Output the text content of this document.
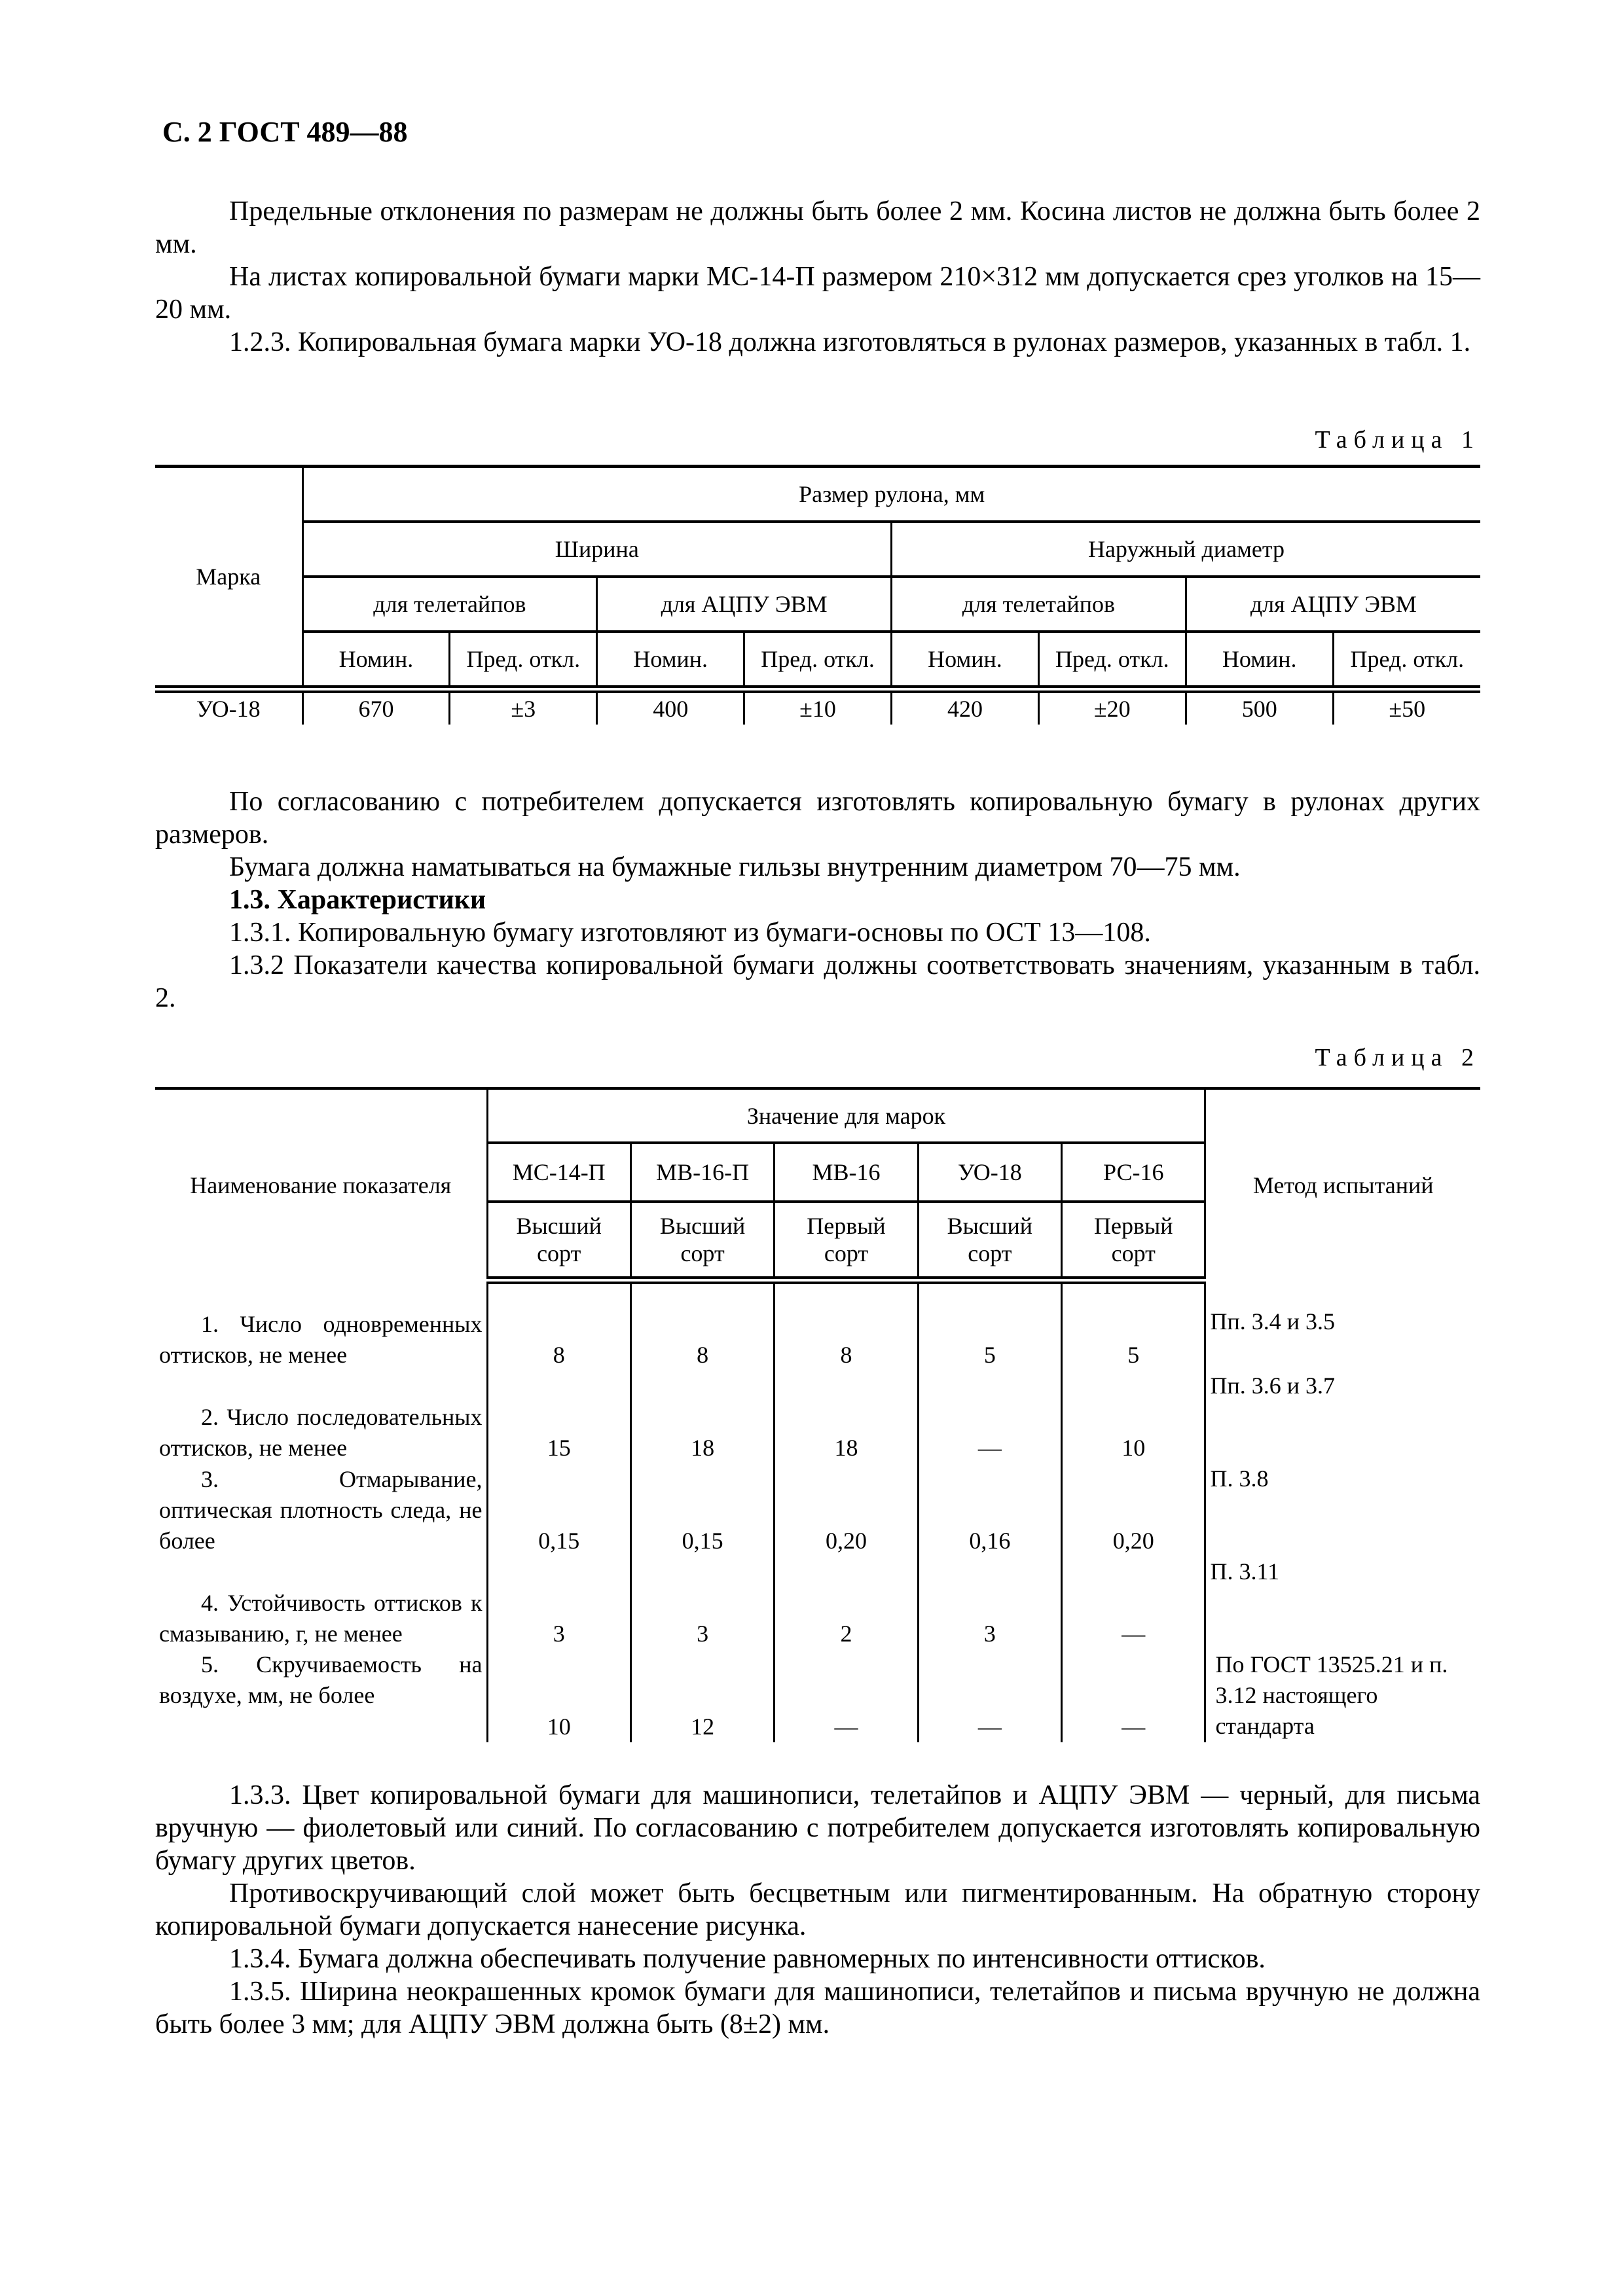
С. 2 ГОСТ 489—88

Предельные отклонения по размерам не должны быть более 2 мм. Косина листов не должна быть более 2 мм.

На листах копировальной бумаги марки МС-14-П размером 210×312 мм допускается срез уголков на 15—20 мм.

1.2.3. Копировальная бумага марки УО-18 должна изготовляться в рулонах размеров, указанных в табл. 1.

Таблица 1
Марка	Размер рулона, мм							
	Ширина				Наружный диаметр			
	для телетайпов		для АЦПУ ЭВМ		для телетайпов		для АЦПУ ЭВМ	
	Номин.	Пред. откл.	Номин.	Пред. откл.	Номин.	Пред. откл.	Номин.	Пред. откл.
УО-18	670	±3	400	±10	420	±20	500	±50

По согласованию с потребителем допускается изготовлять копировальную бумагу в рулонах других размеров.

Бумага должна наматываться на бумажные гильзы внутренним диаметром 70—75 мм.

1.3. Характеристики

1.3.1. Копировальную бумагу изготовляют из бумаги-основы по ОСТ 13—108.

1.3.2 Показатели качества копировальной бумаги должны соответствовать значениям, указанным в табл. 2.

Таблица 2
Наименование показателя	Значение для марок					Метод испытаний
	МС-14-П	МВ-16-П	МВ-16	УО-18	РС-16	
	Высший сорт	Высший сорт	Первый сорт	Высший сорт	Первый сорт	

1. Число одновременных оттисков, не менее	8	8	8	5	5	Пп. 3.4 и 3.5

2. Число последовательных оттисков, не менее	15	18	18	—	10	Пп. 3.6 и 3.7

3. Отмарывание, оптическая плотность следа, не более	0,15	0,15	0,20	0,16	0,20	П. 3.8

4. Устойчивость оттисков к смазыванию, г, не менее	3	3	2	3	—	П. 3.11

5. Скручиваемость на воздухе, мм, не более	10	12	—	—	—	По ГОСТ 13525.21 и п. 3.12 настоящего стандарта

1.3.3. Цвет копировальной бумаги для машинописи, телетайпов и АЦПУ ЭВМ — черный, для письма вручную — фиолетовый или синий. По согласованию с потребителем допускается изготовлять копировальную бумагу других цветов.

Противоскручивающий слой может быть бесцветным или пигментированным. На обратную сторону копировальной бумаги допускается нанесение рисунка.

1.3.4. Бумага должна обеспечивать получение равномерных по интенсивности оттисков.

1.3.5. Ширина неокрашенных кромок бумаги для машинописи, телетайпов и письма вручную не должна быть более 3 мм; для АЦПУ ЭВМ должна быть (8±2) мм.
